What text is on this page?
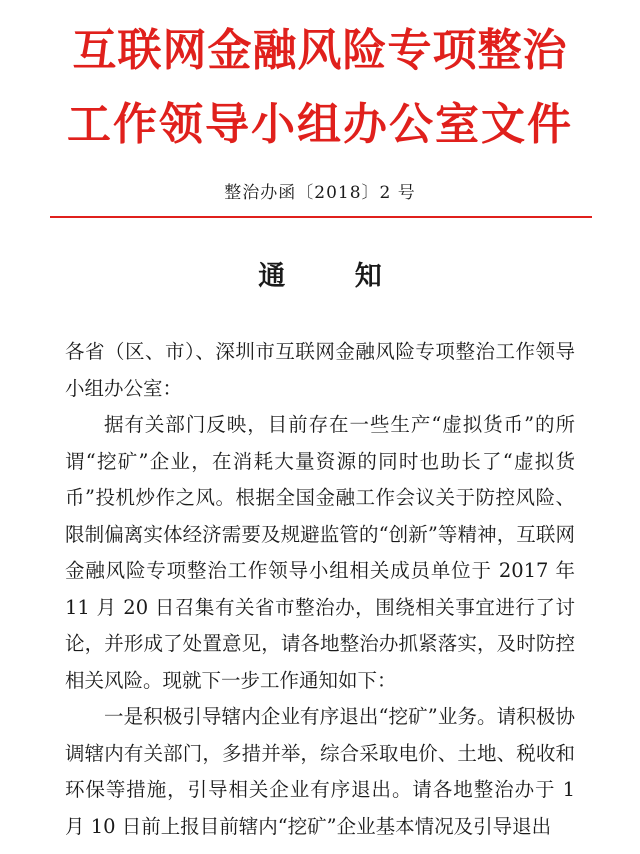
互联网金融风险专项整治
工作领导小组办公室文件
整治办函〔2018〕2 号
通 知
各省（区、市）、深圳市互联网金融风险专项整治工作领导小组办公室：
据有关部门反映，目前存在一些生产“虚拟货币”的所谓“挖矿”企业，在消耗大量资源的同时也助长了“虚拟货币”投机炒作之风。根据全国金融工作会议关于防控风险、限制偏离实体经济需要及规避监管的“创新”等精神，互联网金融风险专项整治工作领导小组相关成员单位于 2017 年 11 月 20 日召集有关省市整治办，围绕相关事宜进行了讨论，并形成了处置意见，请各地整治办抓紧落实，及时防控相关风险。现就下一步工作通知如下：
一是积极引导辖内企业有序退出“挖矿”业务。请积极协调辖内有关部门，多措并举，综合采取电价、土地、税收和环保等措施，引导相关企业有序退出。请各地整治办于 1 月 10 日前上报目前辖内“挖矿”企业基本情况及引导退出
